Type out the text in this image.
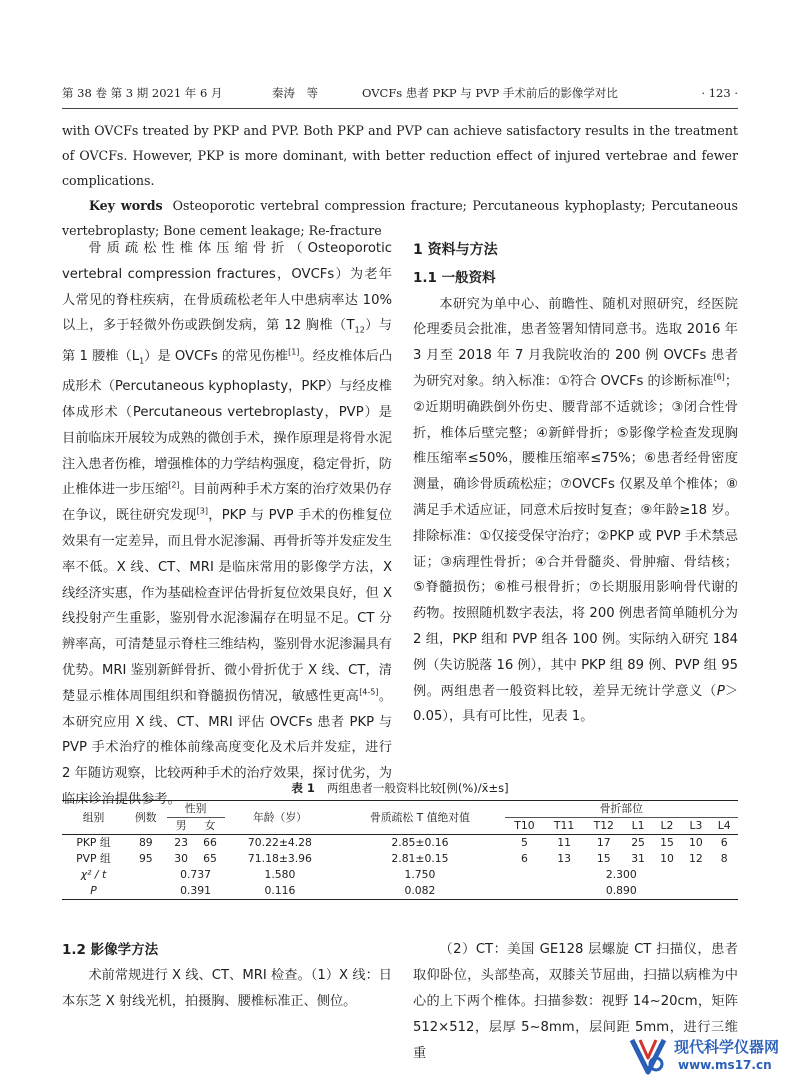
第 38 卷 第 3 期 2021 年 6 月	秦涛　等	OVCFs 患者 PKP 与 PVP 手术前后的影像学对比	· 123 ·

with OVCFs treated by PKP and PVP. Both PKP and PVP can achieve satisfactory results in the treatment of OVCFs. However, PKP is more dominant, with better reduction effect of injured vertebrae and fewer complications.

Key words Osteoporotic vertebral compression fracture; Percutaneous kyphoplasty; Percutaneous vertebroplasty; Bone cement leakage; Re-fracture

骨质疏松性椎体压缩骨折（Osteoporotic vertebral compression fractures，OVCFs）为老年人常见的脊柱疾病，在骨质疏松老年人中患病率达 10%以上，多于轻微外伤或跌倒发病，第 12 胸椎$(T_{12})$与第 1 腰椎$(L_1)$是 OVCFs 的常见伤椎[1]。经皮椎体后凸成形术（Percutaneous kyphoplasty，PKP）与经皮椎体成形术（Percutaneous vertebroplasty，PVP）是目前临床开展较为成熟的微创手术，操作原理是将骨水泥注入患者伤椎，增强椎体的力学结构强度，稳定骨折，防止椎体进一步压缩[2]。目前两种手术方案的治疗效果仍存在争议，既往研究发现[3]，PKP 与 PVP 手术的伤椎复位效果有一定差异，而且骨水泥渗漏、再骨折等并发症发生率不低。X 线、CT、MRI 是临床常用的影像学方法，X 线经济实惠，作为基础检查评估骨折复位效果良好，但 X 线投射产生重影，鉴别骨水泥渗漏存在明显不足。CT 分辨率高，可清楚显示脊柱三维结构，鉴别骨水泥渗漏具有优势。MRI 鉴别新鲜骨折、微小骨折优于 X 线、CT，清楚显示椎体周围组织和脊髓损伤情况，敏感性更高[4-5]。本研究应用 X 线、CT、MRI 评估 OVCFs 患者 PKP 与 PVP 手术治疗的椎体前缘高度变化及术后并发症，进行 2 年随访观察，比较两种手术的治疗效果，探讨优劣，为临床诊治提供参考。

1 资料与方法

1.1 一般资料

本研究为单中心、前瞻性、随机对照研究，经医院伦理委员会批准，患者签署知情同意书。选取 2016 年 3 月至 2018 年 7 月我院收治的 200 例 OVCFs 患者为研究对象。纳入标准：①符合 OVCFs 的诊断标准[6]；②近期明确跌倒外伤史、腰背部不适就诊；③闭合性骨折，椎体后壁完整；④新鲜骨折；⑤影像学检查发现胸椎压缩率≤50%，腰椎压缩率≤75%；⑥患者经骨密度测量，确诊骨质疏松症；⑦OVCFs 仅累及单个椎体；⑧满足手术适应证，同意术后按时复查；⑨年龄≥18 岁。排除标准：①仅接受保守治疗；②PKP 或 PVP 手术禁忌证；③病理性骨折；④合并骨髓炎、骨肿瘤、骨结核；⑤脊髓损伤；⑥椎弓根骨折；⑦长期服用影响骨代谢的药物。按照随机数字表法，将 200 例患者简单随机分为 2 组，PKP 组和 PVP 组各 100 例。实际纳入研究 184 例（失访脱落 16 例），其中 PKP 组 89 例、PVP 组 95 例。两组患者一般资料比较，差异无统计学意义（P＞0.05），具有可比性，见表 1。

表 1 两组患者一般资料比较[例(%)/x̄±s]
组别	例数	性别		年龄（岁）	骨质疏松 T 值绝对值	骨折部位						
		男	女			T10	T11	T12	L1	L2	L3	L4
PKP 组	89	23	66	70.22±4.28	2.85±0.16	5	11	17	25	15	10	6
PVP 组	95	30	65	71.18±3.96	2.81±0.15	6	13	15	31	10	12	8
χ² / t		0.737		1.580	1.750	2.300						
P		0.391		0.116	0.082	0.890						

1.2 影像学方法

术前常规进行 X 线、CT、MRI 检查。（1）X 线：日本东芝 X 射线光机，拍摄胸、腰椎标准正、侧位。

（2）CT：美国 GE128 层螺旋 CT 扫描仪，患者取仰卧位，头部垫高，双膝关节屈曲，扫描以病椎为中心的上下两个椎体。扫描参数：视野 14~20cm，矩阵 512×512，层厚 5~8mm，层间距 5mm，进行三维重	现代科学仪器网
www.ms17.cn
